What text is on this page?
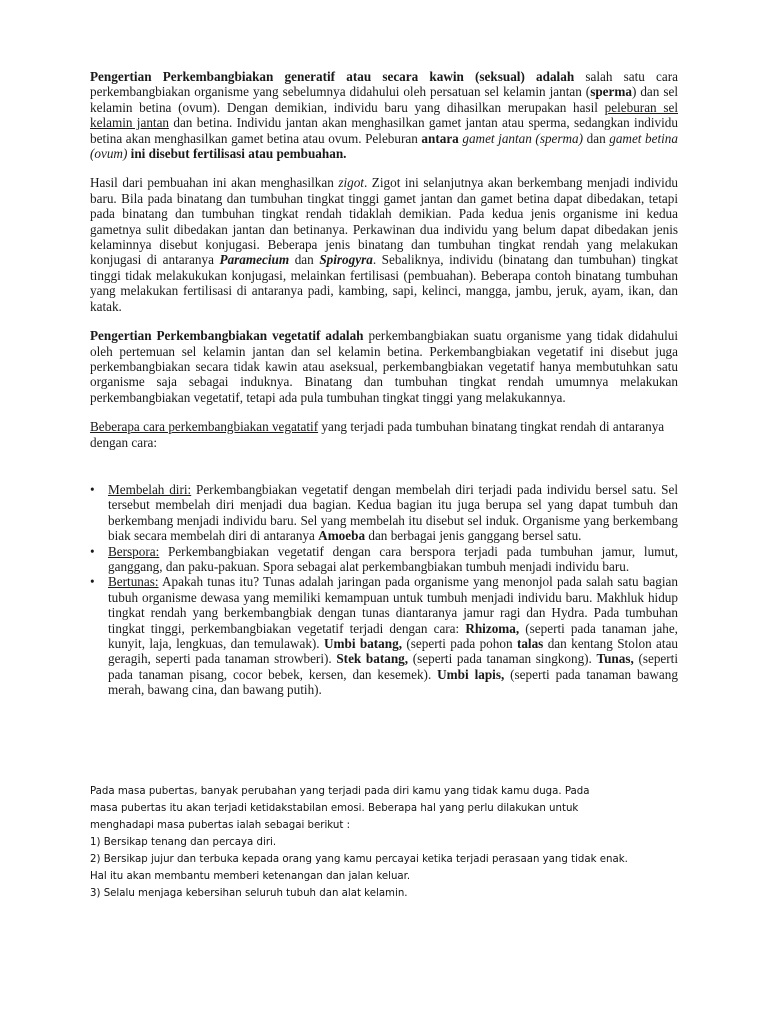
Pengertian Perkembangbiakan generatif atau secara kawin (seksual) adalah salah satu cara perkembangbiakan organisme yang sebelumnya didahului oleh persatuan sel kelamin jantan (sperma) dan sel kelamin betina (ovum). Dengan demikian, individu baru yang dihasilkan merupakan hasil peleburan sel kelamin jantan dan betina. Individu jantan akan menghasilkan gamet jantan atau sperma, sedangkan individu betina akan menghasilkan gamet betina atau ovum. Peleburan antara gamet jantan (sperma) dan gamet betina (ovum) ini disebut fertilisasi atau pembuahan.

Hasil dari pembuahan ini akan menghasilkan zigot. Zigot ini selanjutnya akan berkembang menjadi individu baru. Bila pada binatang dan tumbuhan tingkat tinggi gamet jantan dan gamet betina dapat dibedakan, tetapi pada binatang dan tumbuhan tingkat rendah tidaklah demikian. Pada kedua jenis organisme ini kedua gametnya sulit dibedakan jantan dan betinanya. Perkawinan dua individu yang belum dapat dibedakan jenis kelaminnya disebut konjugasi. Beberapa jenis binatang dan tumbuhan tingkat rendah yang melakukan konjugasi di antaranya Paramecium dan Spirogyra. Sebaliknya, individu (binatang dan tumbuhan) tingkat tinggi tidak melakukukan konjugasi, melainkan fertilisasi (pembuahan). Beberapa contoh binatang tumbuhan yang melakukan fertilisasi di antaranya padi, kambing, sapi, kelinci, mangga, jambu, jeruk, ayam, ikan, dan katak.

Pengertian Perkembangbiakan vegetatif adalah perkembangbiakan suatu organisme yang tidak didahului oleh pertemuan sel kelamin jantan dan sel kelamin betina. Perkembangbiakan vegetatif ini disebut juga perkembangbiakan secara tidak kawin atau aseksual, perkembangbiakan vegetatif hanya membutuhkan satu organisme saja sebagai induknya. Binatang dan tumbuhan tingkat rendah umumnya melakukan perkembangbiakan vegetatif, tetapi ada pula tumbuhan tingkat tinggi yang melakukannya.

Beberapa cara perkembangbiakan vegatatif yang terjadi pada tumbuhan binatang tingkat rendah di antaranya dengan cara:

• Membelah diri: Perkembangbiakan vegetatif dengan membelah diri terjadi pada individu bersel satu. Sel tersebut membelah diri menjadi dua bagian. Kedua bagian itu juga berupa sel yang dapat tumbuh dan berkembang menjadi individu baru. Sel yang membelah itu disebut sel induk. Organisme yang berkembang biak secara membelah diri di antaranya Amoeba dan berbagai jenis ganggang bersel satu.
• Berspora: Perkembangbiakan vegetatif dengan cara berspora terjadi pada tumbuhan jamur, lumut, ganggang, dan paku-pakuan. Spora sebagai alat perkembangbiakan tumbuh menjadi individu baru.
• Bertunas: Apakah tunas itu? Tunas adalah jaringan pada organisme yang menonjol pada salah satu bagian tubuh organisme dewasa yang memiliki kemampuan untuk tumbuh menjadi individu baru. Makhluk hidup tingkat rendah yang berkembangbiak dengan tunas diantaranya jamur ragi dan Hydra. Pada tumbuhan tingkat tinggi, perkembangbiakan vegetatif terjadi dengan cara: Rhizoma, (seperti pada tanaman jahe, kunyit, laja, lengkuas, dan temulawak). Umbi batang, (seperti pada pohon talas dan kentang Stolon atau geragih, seperti pada tanaman strowberi). Stek batang, (seperti pada tanaman singkong). Tunas, (seperti pada tanaman pisang, cocor bebek, kersen, dan kesemek). Umbi lapis, (seperti pada tanaman bawang merah, bawang cina, dan bawang putih).
Pada masa pubertas, banyak perubahan yang terjadi pada diri kamu yang tidak kamu duga. Pada
masa pubertas itu akan terjadi ketidakstabilan emosi. Beberapa hal yang perlu dilakukan untuk
menghadapi masa pubertas ialah sebagai berikut :
1) Bersikap tenang dan percaya diri.
2) Bersikap jujur dan terbuka kepada orang yang kamu percayai ketika terjadi perasaan yang tidak enak.
Hal itu akan membantu memberi ketenangan dan jalan keluar.
3) Selalu menjaga kebersihan seluruh tubuh dan alat kelamin.
